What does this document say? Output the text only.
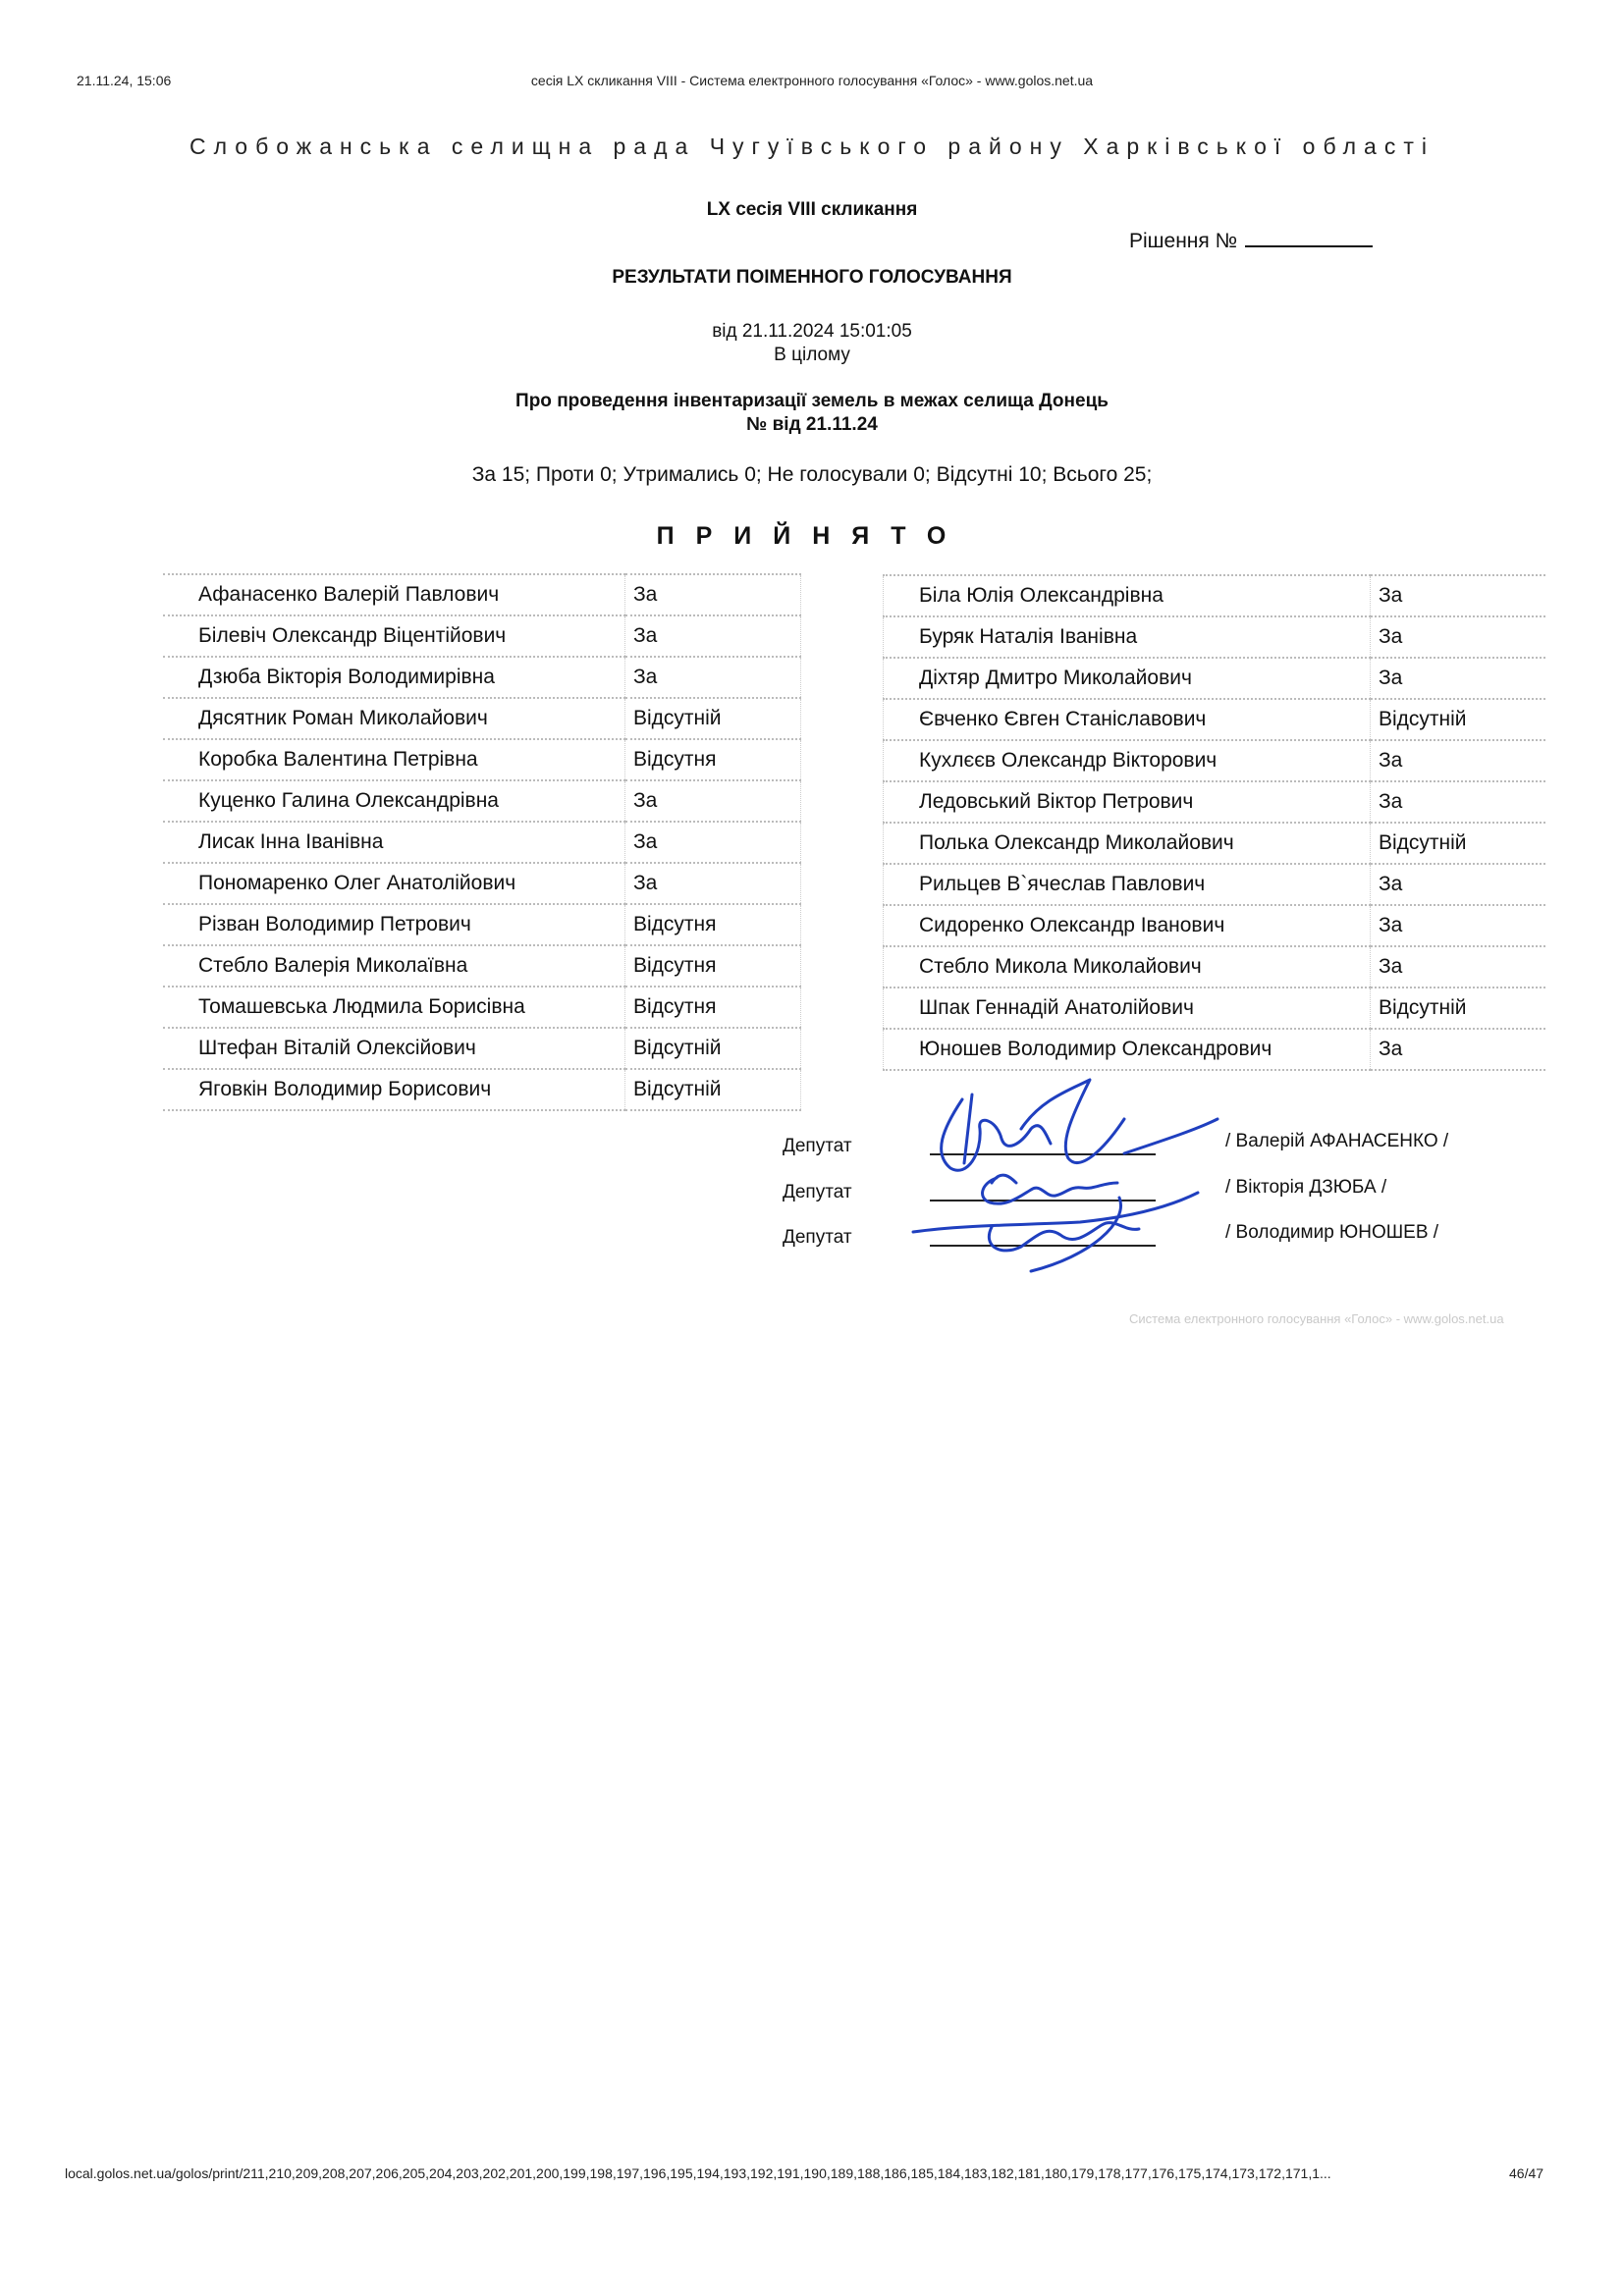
21.11.24, 15:06	сесія LX скликання VIII - Система електронного голосування «Голос» - www.golos.net.ua
Слобожанська селищна рада Чугуївського району Харківської області
LX сесія VIII скликання
Рішення №
РЕЗУЛЬТАТИ ПОІМЕННОГО ГОЛОСУВАННЯ
від 21.11.2024 15:01:05
В цілому
Про проведення інвентаризації земель в межах селища Донець
№ від 21.11.24
За 15; Проти 0; Утримались 0; Не голосували 0; Відсутні 10; Всього 25;
ПРИЙНЯТО
Афанасенко Валерій Павлович	За
Білевіч Олександр Віцентійович	За
Дзюба Вікторія Володимирівна	За
Дясятник Роман Миколайович	Відсутній
Коробка Валентина Петрівна	Відсутня
Куценко Галина Олександрівна	За
Лисак Інна Іванівна	За
Пономаренко Олег Анатолійович	За
Різван Володимир Петрович	Відсутня
Стебло Валерія Миколаївна	Відсутня
Томашевська Людмила Борисівна	Відсутня
Штефан Віталій Олексійович	Відсутній
Яговкін Володимир Борисович	Відсутній
Біла Юлія Олександрівна	За
Буряк Наталія Іванівна	За
Діхтяр Дмитро Миколайович	За
Євченко Євген Станіславович	Відсутній
Кухлєєв Олександр Вікторович	За
Ледовський Віктор Петрович	За
Полька Олександр Миколайович	Відсутній
Рильцев В`ячеслав Павлович	За
Сидоренко Олександр Іванович	За
Стебло Микола Миколайович	За
Шпак Геннадій Анатолійович	Відсутній
Юношев Володимир Олександрович	За
Депутат
Депутат
Депутат
/ Валерій АФАНАСЕНКО /
/ Вікторія ДЗЮБА /
/ Володимир ЮНОШЕВ /
Система електронного голосування «Голос» - www.golos.net.ua
local.golos.net.ua/golos/print/211,210,209,208,207,206,205,204,203,202,201,200,199,198,197,196,195,194,193,192,191,190,189,188,186,185,184,183,182,181,180,179,178,177,176,175,174,173,172,171,1...	46/47
